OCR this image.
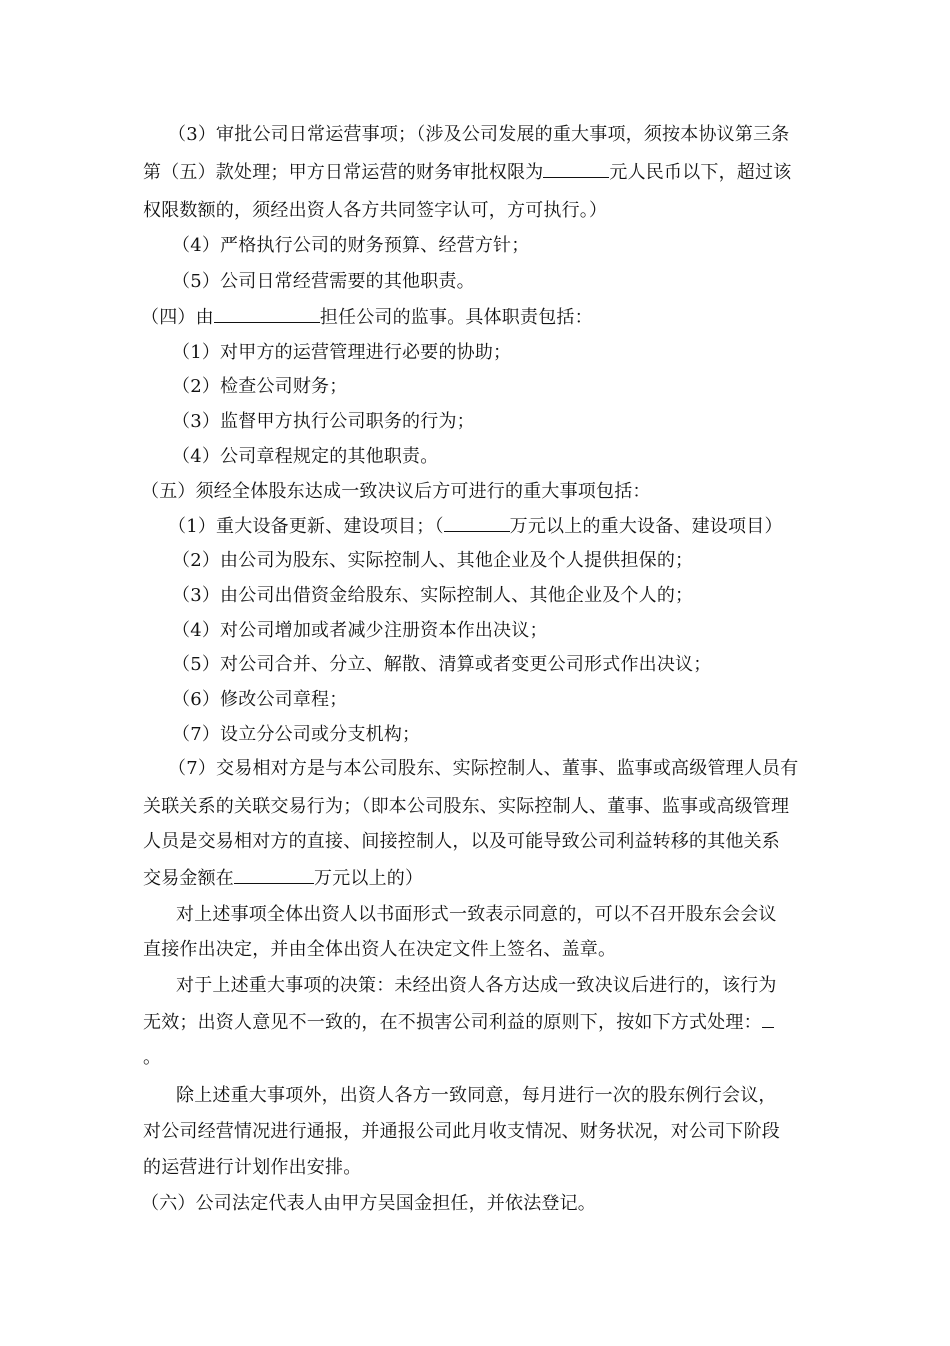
（3）审批公司日常运营事项；（涉及公司发展的重大事项，须按本协议第三条
第（五）款处理；甲方日常运营的财务审批权限为	元人民币以下，超过该
权限数额的，须经出资人各方共同签字认可，方可执行。）
（4）严格执行公司的财务预算、经营方针；
（5）公司日常经营需要的其他职责。
（四）由	担任公司的监事。具体职责包括：
（1）对甲方的运营管理进行必要的协助；
（2）检查公司财务；
（3）监督甲方执行公司职务的行为；
（4）公司章程规定的其他职责。
（五）须经全体股东达成一致决议后方可进行的重大事项包括：
（1）重大设备更新、建设项目；（	万元以上的重大设备、建设项目）
（2）由公司为股东、实际控制人、其他企业及个人提供担保的；
（3）由公司出借资金给股东、实际控制人、其他企业及个人的；
（4）对公司增加或者减少注册资本作出决议；
（5）对公司合并、分立、解散、清算或者变更公司形式作出决议；
（6）修改公司章程；
（7）设立分公司或分支机构；
（7）交易相对方是与本公司股东、实际控制人、董事、监事或高级管理人员有
关联关系的关联交易行为；（即本公司股东、实际控制人、董事、监事或高级管理
人员是交易相对方的直接、间接控制人，以及可能导致公司利益转移的其他关系
交易金额在	万元以上的）
对上述事项全体出资人以书面形式一致表示同意的，可以不召开股东会会议
直接作出决定，并由全体出资人在决定文件上签名、盖章。
对于上述重大事项的决策：未经出资人各方达成一致决议后进行的，该行为
无效；出资人意见不一致的，在不损害公司利益的原则下，按如下方式处理：
。
除上述重大事项外，出资人各方一致同意，每月进行一次的股东例行会议，
对公司经营情况进行通报，并通报公司此月收支情况、财务状况，对公司下阶段
的运营进行计划作出安排。
（六）公司法定代表人由甲方吴国金担任，并依法登记。
